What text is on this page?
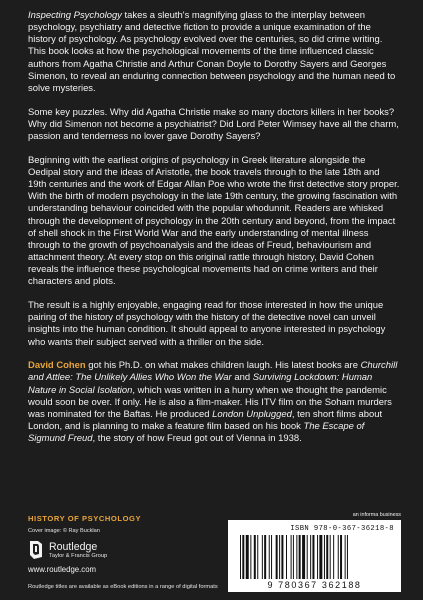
Inspecting Psychology takes a sleuth's magnifying glass to the interplay between psychology, psychiatry and detective fiction to provide a unique examination of the history of psychology. As psychology evolved over the centuries, so did crime writing. This book looks at how the psychological movements of the time influenced classic authors from Agatha Christie and Arthur Conan Doyle to Dorothy Sayers and Georges Simenon, to reveal an enduring connection between psychology and the human need to solve mysteries.

Some key puzzles. Why did Agatha Christie make so many doctors killers in her books? Why did Simenon not become a psychiatrist? Did Lord Peter Wimsey have all the charm, passion and tenderness no lover gave Dorothy Sayers?

Beginning with the earliest origins of psychology in Greek literature alongside the Oedipal story and the ideas of Aristotle, the book travels through to the late 18th and 19th centuries and the work of Edgar Allan Poe who wrote the first detective story proper. With the birth of modern psychology in the late 19th century, the growing fascination with understanding behaviour coincided with the popular whodunnit. Readers are whisked through the development of psychology in the 20th century and beyond, from the impact of shell shock in the First World War and the early understanding of mental illness through to the growth of psychoanalysis and the ideas of Freud, behaviourism and attachment theory. At every stop on this original rattle through history, David Cohen reveals the influence these psychological movements had on crime writers and their characters and plots.

The result is a highly enjoyable, engaging read for those interested in how the unique pairing of the history of psychology with the history of the detective novel can unveil insights into the human condition. It should appeal to anyone interested in psychology who wants their subject served with a thriller on the side.

David Cohen got his Ph.D. on what makes children laugh. His latest books are Churchill and Attlee: The Unlikely Allies Who Won the War and Surviving Lockdown: Human Nature in Social Isolation, which was written in a hurry when we thought the pandemic would soon be over. If only. He is also a film-maker. His ITV film on the Soham murders was nominated for the Baftas. He produced London Unplugged, ten short films about London, and is planning to make a feature film based on his book The Escape of Sigmund Freud, the story of how Freud got out of Vienna in 1938.

HISTORY OF PSYCHOLOGY
Cover image: © Ray Bucklan
Routledge
Taylor & Francis Group
www.routledge.com
Routledge titles are available as eBook editions in a range of digital formats
an informa business
ISBN 978-0-367-36218-8
9 780367 362188
